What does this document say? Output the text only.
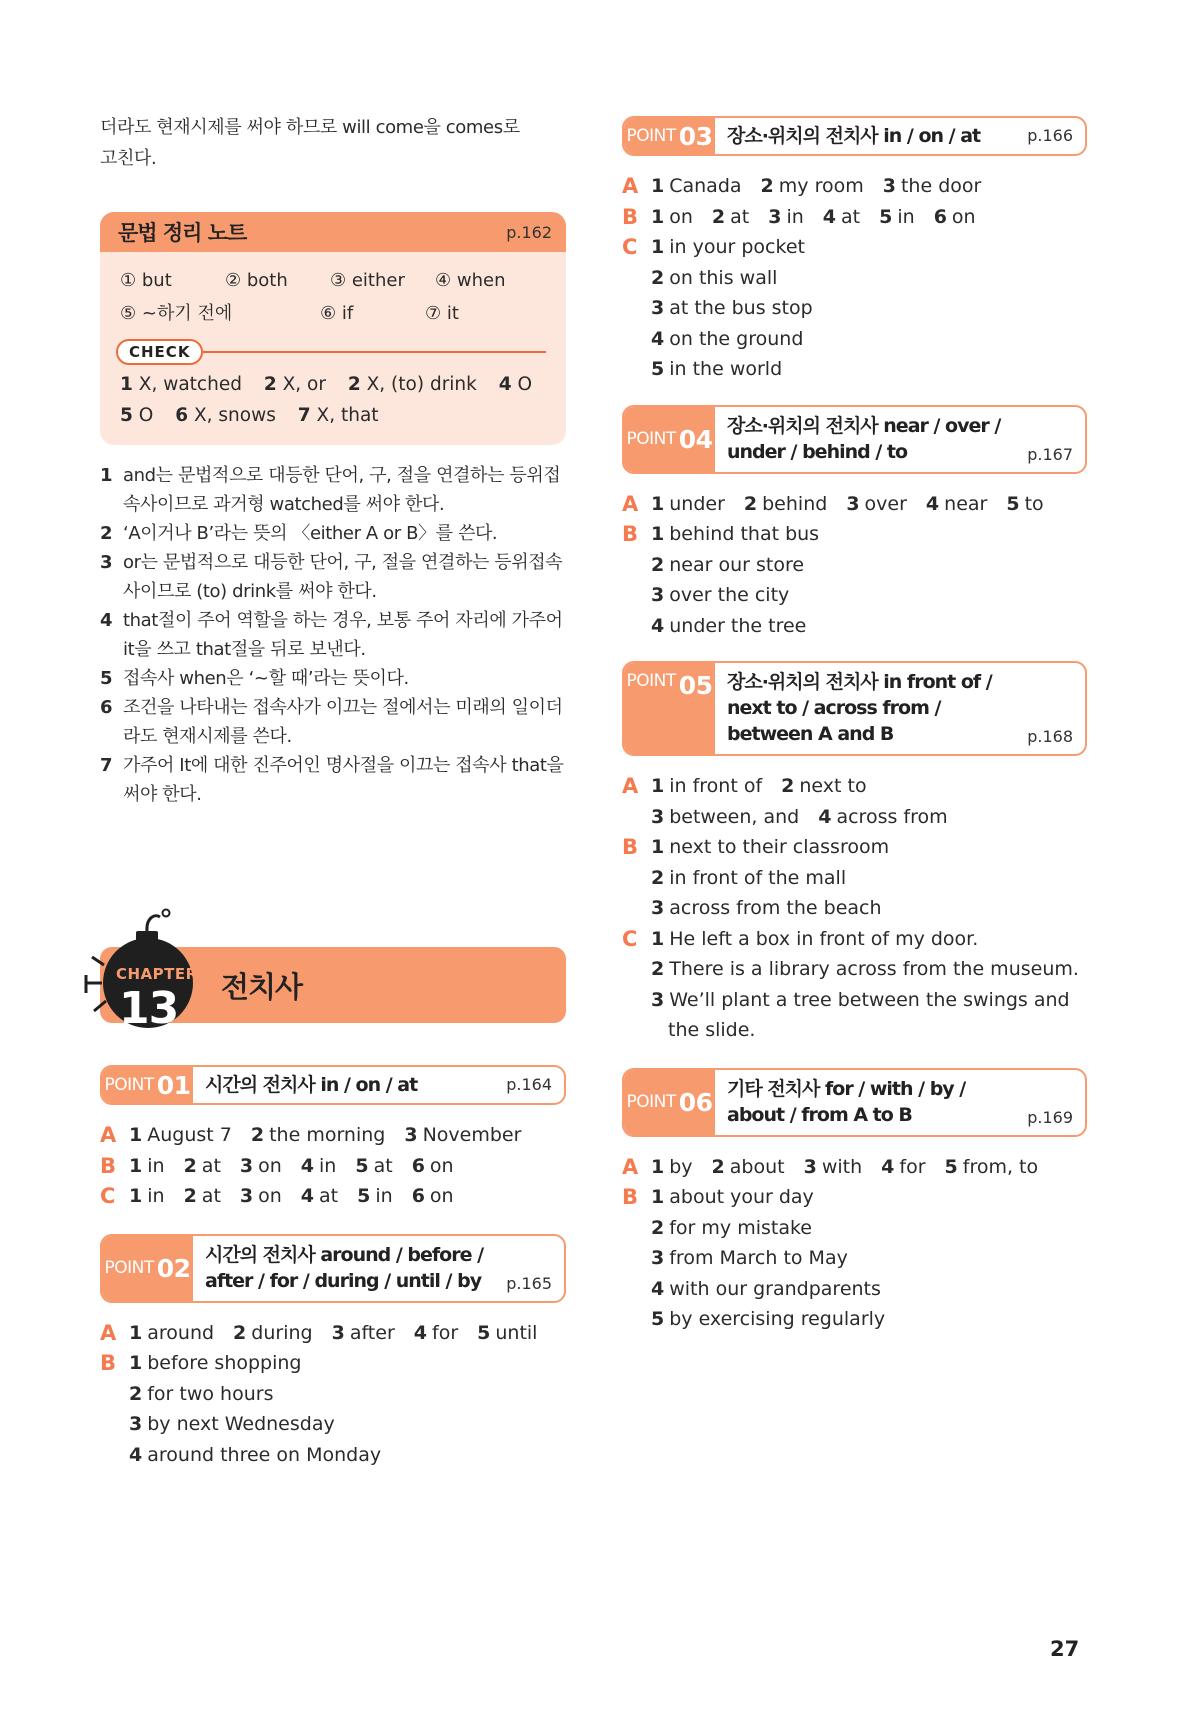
더라도 현재시제를 써야 하므로 will come을 comes로

고친다.

문법 정리 노트	p.162
① but	② both	③ either	④ when
⑤ ~하기 전에	⑥ if	⑦ it
CHECK
1 X, watched 2 X, or 2 X, (to) drink 4 O
5 O 6 X, snows 7 X, that
1 and는 문법적으로 대등한 단어, 구, 절을 연결하는 등위접
속사이므로 과거형 watched를 써야 한다.
2 ‘A이거나 B’라는 뜻의 〈either A or B〉를 쓴다.
3 or는 문법적으로 대등한 단어, 구, 절을 연결하는 등위접속
사이므로 (to) drink를 써야 한다.
4 that절이 주어 역할을 하는 경우, 보통 주어 자리에 가주어
it을 쓰고 that절을 뒤로 보낸다.
5 접속사 when은 ‘~할 때’라는 뜻이다.
6 조건을 나타내는 접속사가 이끄는 절에서는 미래의 일이더
라도 현재시제를 쓴다.
7 가주어 It에 대한 진주어인 명사절을 이끄는 접속사 that을
써야 한다.
CHAPTER
13 전치사
POINT 01 시간의 전치사 in / on / at	p.164
A 1 August 7 2 the morning 3 November
B 1 in 2 at 3 on 4 in 5 at 6 on
C 1 in 2 at 3 on 4 at 5 in 6 on
POINT 02 시간의 전치사 around / before /
after / for / during / until / by p.165
A 1 around 2 during 3 after 4 for 5 until
B 1 before shopping
2 for two hours
3 by next Wednesday
4 around three on Monday
POINT 03 장소·위치의 전치사 in / on / at	p.166
A 1 Canada 2 my room 3 the door
B 1 on 2 at 3 in 4 at 5 in 6 on
C 1 in your pocket
2 on this wall
3 at the bus stop
4 on the ground
5 in the world
POINT 04 장소·위치의 전치사 near / over /
under / behind / to	p.167
A 1 under 2 behind 3 over 4 near 5 to
B 1 behind that bus
2 near our store
3 over the city
4 under the tree
POINT 05 장소·위치의 전치사 in front of /
next to / across from /
between A and B	p.168
A 1 in front of 2 next to
3 between, and 4 across from
B 1 next to their classroom
2 in front of the mall
3 across from the beach
C 1 He left a box in front of my door.
2 There is a library across from the museum.
3 We’ll plant a tree between the swings and
the slide.
POINT 06 기타 전치사 for / with / by /
about / from A to B	p.169
A 1 by 2 about 3 with 4 for 5 from, to
B 1 about your day
2 for my mistake
3 from March to May
4 with our grandparents
5 by exercising regularly
27
